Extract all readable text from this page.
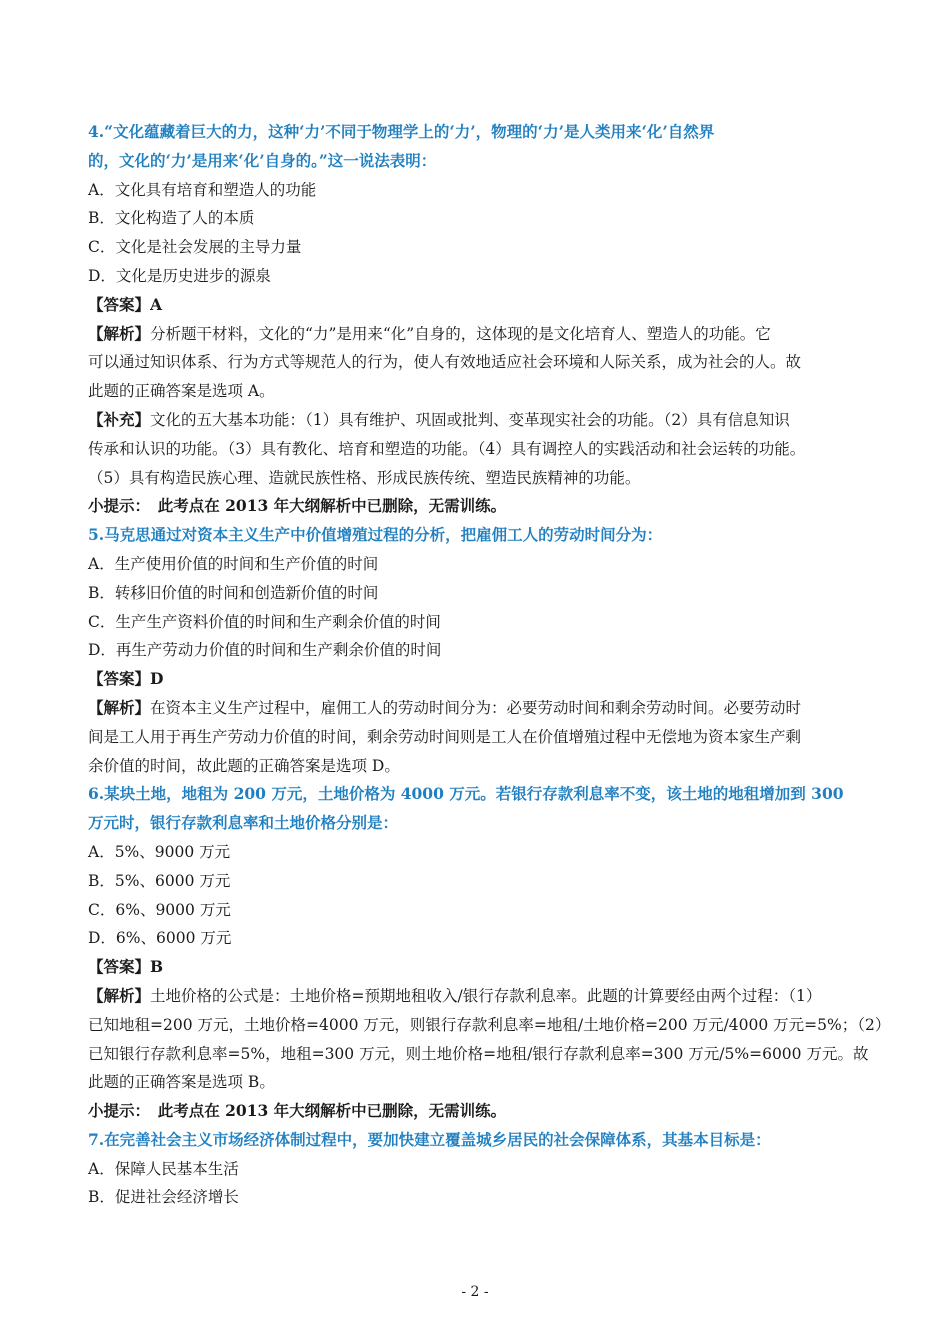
4.“文化蕴藏着巨大的力，这种‘力’不同于物理学上的‘力’，物理的‘力’是人类用来‘化’自然界
的，文化的‘力’是用来‘化’自身的。”这一说法表明：
A．文化具有培育和塑造人的功能
B．文化构造了人的本质
C．文化是社会发展的主导力量
D．文化是历史进步的源泉
【答案】A
【解析】分析题干材料，文化的“力”是用来“化”自身的，这体现的是文化培育人、塑造人的功能。它
可以通过知识体系、行为方式等规范人的行为，使人有效地适应社会环境和人际关系，成为社会的人。故
此题的正确答案是选项 A。
【补充】文化的五大基本功能：（1）具有维护、巩固或批判、变革现实社会的功能。（2）具有信息知识
传承和认识的功能。（3）具有教化、培育和塑造的功能。（4）具有调控人的实践活动和社会运转的功能。
（5）具有构造民族心理、造就民族性格、形成民族传统、塑造民族精神的功能。
小提示：　此考点在 2013 年大纲解析中已删除，无需训练。
5.马克思通过对资本主义生产中价值增殖过程的分析，把雇佣工人的劳动时间分为：
A．生产使用价值的时间和生产价值的时间
B．转移旧价值的时间和创造新价值的时间
C．生产生产资料价值的时间和生产剩余价值的时间
D．再生产劳动力价值的时间和生产剩余价值的时间
【答案】D
【解析】在资本主义生产过程中，雇佣工人的劳动时间分为：必要劳动时间和剩余劳动时间。必要劳动时
间是工人用于再生产劳动力价值的时间，剩余劳动时间则是工人在价值增殖过程中无偿地为资本家生产剩
余价值的时间，故此题的正确答案是选项 D。
6.某块土地，地租为 200 万元，土地价格为 4000 万元。若银行存款利息率不变，该土地的地租增加到 300
万元时，银行存款利息率和土地价格分别是：
A．5%、9000 万元
B．5%、6000 万元
C．6%、9000 万元
D．6%、6000 万元
【答案】B
【解析】土地价格的公式是：土地价格=预期地租收入/银行存款利息率。此题的计算要经由两个过程：（1）
已知地租=200 万元，土地价格=4000 万元，则银行存款利息率=地租/土地价格=200 万元/4000 万元=5%；（2）
已知银行存款利息率=5%，地租=300 万元，则土地价格=地租/银行存款利息率=300 万元/5%=6000 万元。故
此题的正确答案是选项 B。
小提示：　此考点在 2013 年大纲解析中已删除，无需训练。
7.在完善社会主义市场经济体制过程中，要加快建立覆盖城乡居民的社会保障体系，其基本目标是：
A．保障人民基本生活
B．促进社会经济增长
- 2 -
